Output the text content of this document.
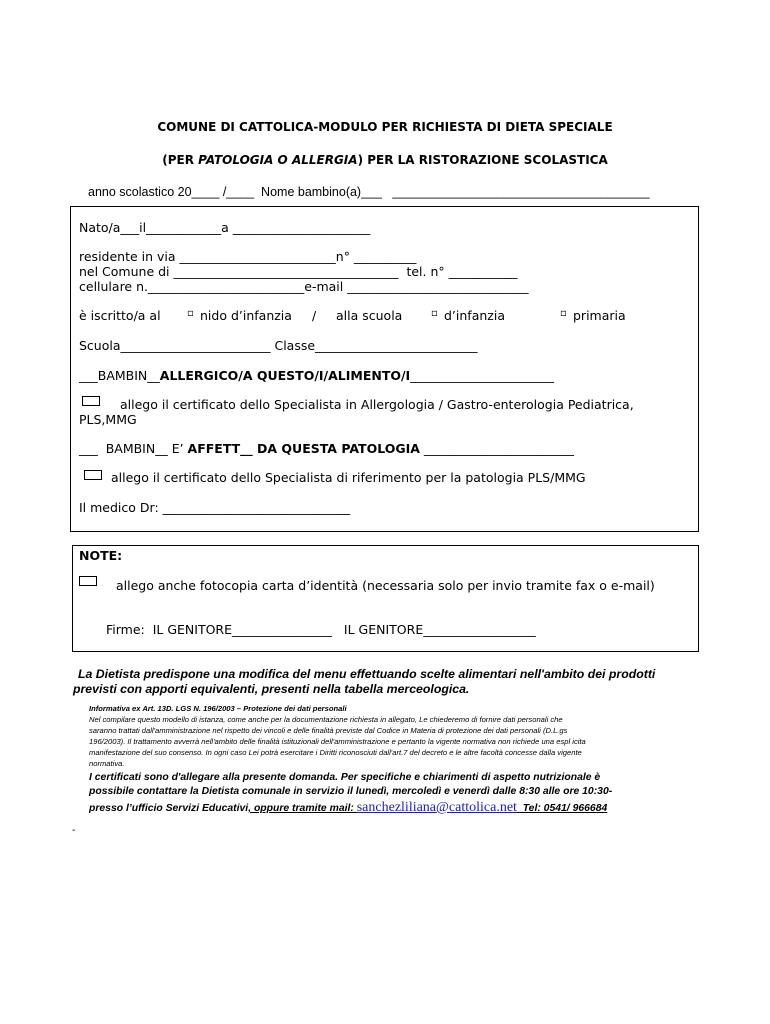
COMUNE DI CATTOLICA-MODULO PER RICHIESTA DI DIETA SPECIALE
(PER PATOLOGIA O ALLERGIA) PER LA RISTORAZIONE SCOLASTICA
anno scolastico 20____ /____  Nome bambino(a)___   _____________________________________
Nato/a___il____________a ______________________
residente in via _________________________n° __________
nel Comune di ____________________________________  tel. n° ___________
cellulare n._________________________e-mail _____________________________
è iscritto/a al	▫ nido d’infanzia / alla scuola	▫ d’infanzia	▫ primaria
Scuola________________________ Classe__________________________
___BAMBIN__ALLERGICO/A QUESTO/I/ALIMENTO/I_______________________
allego il certificato dello Specialista in Allergologia / Gastro-enterologia Pediatrica,
PLS,MMG
___  BAMBIN__ E’ AFFETT__ DA QUESTA PATOLOGIA ________________________
allego il certificato dello Specialista di riferimento per la patologia PLS/MMG
Il medico Dr: ______________________________
NOTE:
allego anche fotocopia carta d’identità (necessaria solo per invio tramite fax o e-mail)
Firme:  IL GENITORE________________   IL GENITORE__________________
La Dietista predispone una modifica del menu effettuando scelte alimentari nell'ambito dei prodotti
previsti con apporti equivalenti, presenti nella tabella merceologica.
Informativa ex Art. 13D. LGS N. 196/2003 – Protezione dei dati personali
Nel compilare questo modello di istanza, come anche per la documentazione richiesta in allegato, Le chiederemo di fornire dati personali che
saranno trattati dall'amministrazione nel rispetto dei vincoli e delle finalità previste dal Codice in Materia di protezione dei dati personali (D.L.gs
196/2003). Il trattamento avverrà nell'ambito delle finalità istituzionali dell'amministrazione e pertanto la vigente normativa non richiede una espl icita
manifestazione del suo consenso. In ogni caso Lei potrà esercitare i Diritti riconosciuti dall'art.7 del decreto e le altre facoltà concesse dalla vigente
normativa.
I certificati sono d'allegare alla presente domanda. Per specifiche e chiarimenti di aspetto nutrizionale è
possibile contattare la Dietista comunale in servizio il lunedì, mercoledì e venerdì dalle 8:30 alle ore 10:30-
presso l’ufficio Servizi Educativi, oppure tramite mail: sanchezliliana@cattolica.net  Tel: 0541/ 966684
-
